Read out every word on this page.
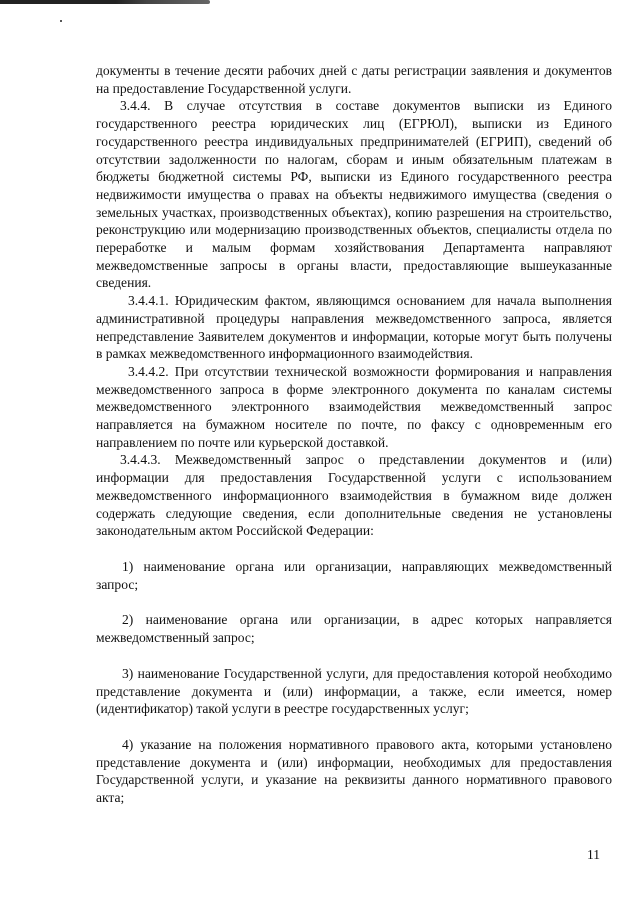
документы в течение десяти рабочих дней с даты регистрации заявления и документов на предоставление Государственной услуги.

3.4.4. В случае отсутствия в составе документов выписки из Единого государственного реестра юридических лиц (ЕГРЮЛ), выписки из Единого государственного реестра индивидуальных предпринимателей (ЕГРИП), сведений об отсутствии задолженности по налогам, сборам и иным обязательным платежам в бюджеты бюджетной системы РФ, выписки из Единого государственного реестра недвижимости имущества о правах на объекты недвижимого имущества (сведения о земельных участках, производственных объектах), копию разрешения на строительство, реконструкцию или модернизацию производственных объектов, специалисты отдела по переработке и малым формам хозяйствования Департамента направляют межведомственные запросы в органы власти, предоставляющие вышеуказанные сведения.

3.4.4.1. Юридическим фактом, являющимся основанием для начала выполнения административной процедуры направления межведомственного запроса, является непредставление Заявителем документов и информации, которые могут быть получены в рамках межведомственного информационного взаимодействия.

3.4.4.2. При отсутствии технической возможности формирования и направления межведомственного запроса в форме электронного документа по каналам системы межведомственного электронного взаимодействия межведомственный запрос направляется на бумажном носителе по почте, по факсу с одновременным его направлением по почте или курьерской доставкой.

3.4.4.3. Межведомственный запрос о представлении документов и (или) информации для предоставления Государственной услуги с использованием межведомственного информационного взаимодействия в бумажном виде должен содержать следующие сведения, если дополнительные сведения не установлены законодательным актом Российской Федерации:

1) наименование органа или организации, направляющих межведомственный запрос;

2) наименование органа или организации, в адрес которых направляется межведомственный запрос;

3) наименование Государственной услуги, для предоставления которой необходимо представление документа и (или) информации, а также, если имеется, номер (идентификатор) такой услуги в реестре государственных услуг;

4) указание на положения нормативного правового акта, которыми установлено представление документа и (или) информации, необходимых для предоставления Государственной услуги, и указание на реквизиты данного нормативного правового акта;

11
